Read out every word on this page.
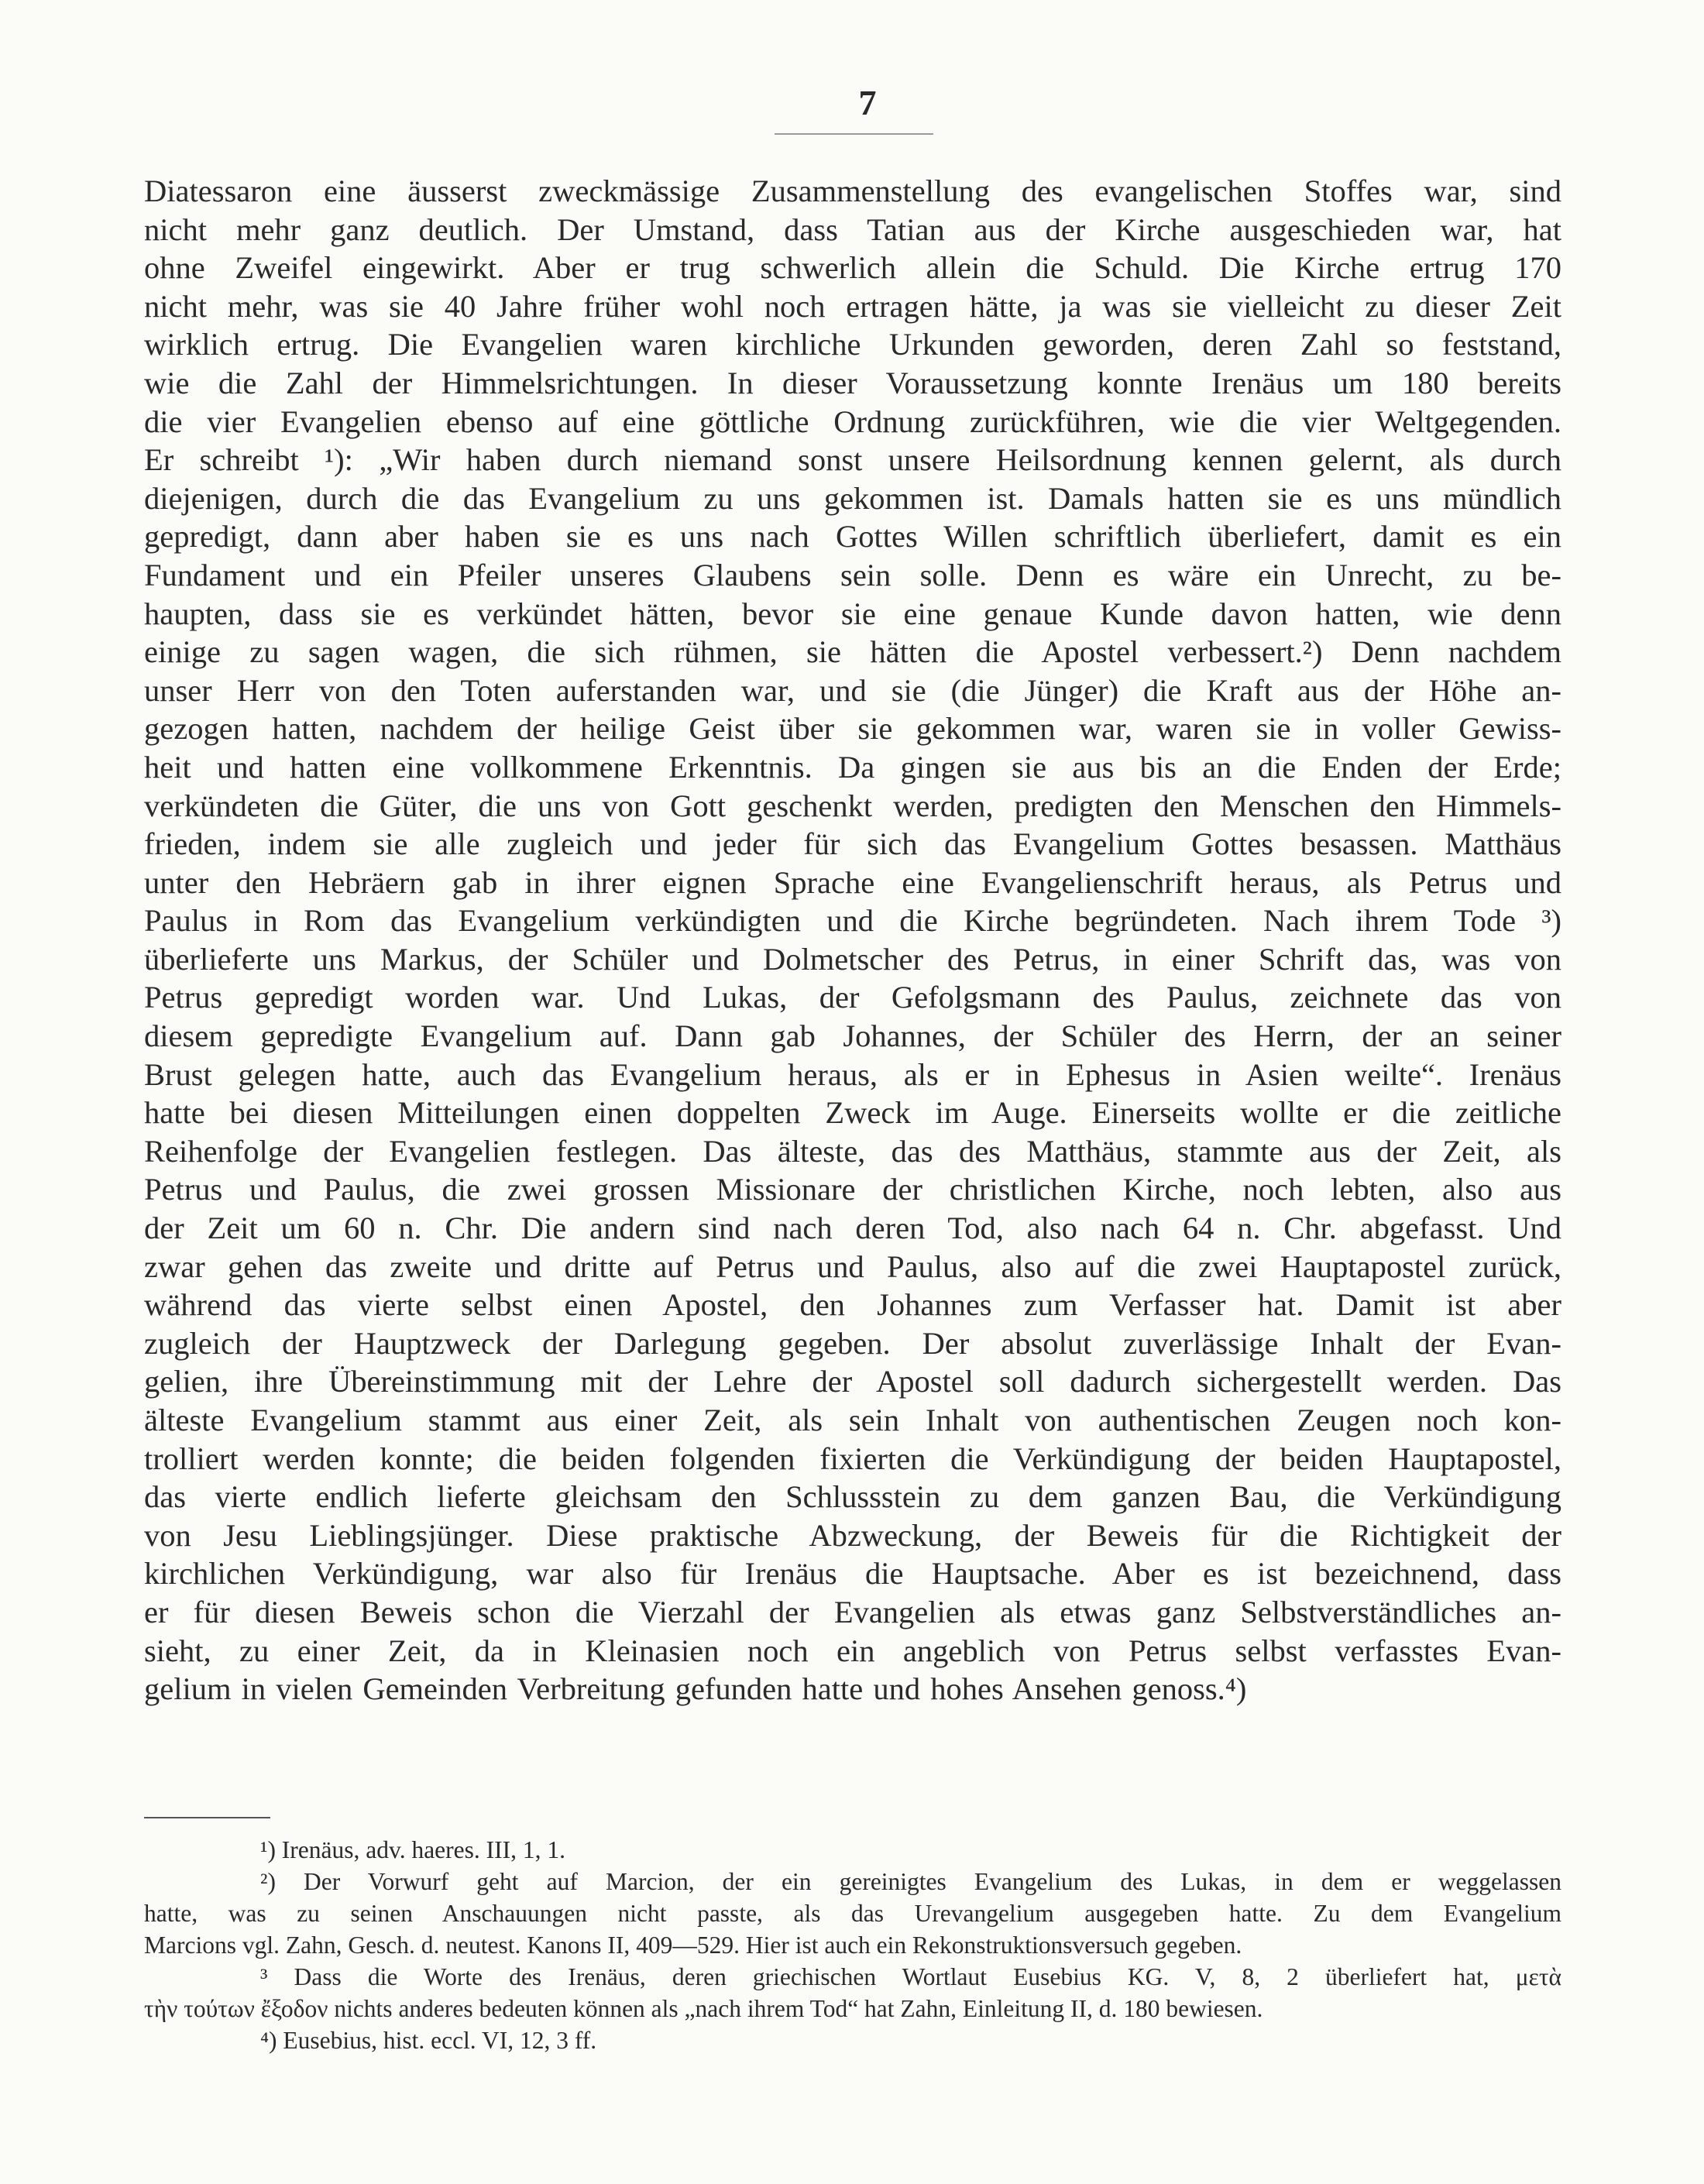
7
Diatessaron eine äusserst zweckmässige Zusammenstellung des evangelischen Stoffes war, sind
nicht mehr ganz deutlich. Der Umstand, dass Tatian aus der Kirche ausgeschieden war, hat
ohne Zweifel eingewirkt. Aber er trug schwerlich allein die Schuld. Die Kirche ertrug 170
nicht mehr, was sie 40 Jahre früher wohl noch ertragen hätte, ja was sie vielleicht zu dieser Zeit
wirklich ertrug. Die Evangelien waren kirchliche Urkunden geworden, deren Zahl so feststand,
wie die Zahl der Himmelsrichtungen. In dieser Voraussetzung konnte Irenäus um 180 bereits
die vier Evangelien ebenso auf eine göttliche Ordnung zurückführen, wie die vier Weltgegenden.
Er schreibt ¹): „Wir haben durch niemand sonst unsere Heilsordnung kennen gelernt, als durch
diejenigen, durch die das Evangelium zu uns gekommen ist. Damals hatten sie es uns mündlich
gepredigt, dann aber haben sie es uns nach Gottes Willen schriftlich überliefert, damit es ein
Fundament und ein Pfeiler unseres Glaubens sein solle. Denn es wäre ein Unrecht, zu be-
haupten, dass sie es verkündet hätten, bevor sie eine genaue Kunde davon hatten, wie denn
einige zu sagen wagen, die sich rühmen, sie hätten die Apostel verbessert.²) Denn nachdem
unser Herr von den Toten auferstanden war, und sie (die Jünger) die Kraft aus der Höhe an-
gezogen hatten, nachdem der heilige Geist über sie gekommen war, waren sie in voller Gewiss-
heit und hatten eine vollkommene Erkenntnis. Da gingen sie aus bis an die Enden der Erde;
verkündeten die Güter, die uns von Gott geschenkt werden, predigten den Menschen den Himmels-
frieden, indem sie alle zugleich und jeder für sich das Evangelium Gottes besassen. Matthäus
unter den Hebräern gab in ihrer eignen Sprache eine Evangelienschrift heraus, als Petrus und
Paulus in Rom das Evangelium verkündigten und die Kirche begründeten. Nach ihrem Tode ³)
überlieferte uns Markus, der Schüler und Dolmetscher des Petrus, in einer Schrift das, was von
Petrus gepredigt worden war. Und Lukas, der Gefolgsmann des Paulus, zeichnete das von
diesem gepredigte Evangelium auf. Dann gab Johannes, der Schüler des Herrn, der an seiner
Brust gelegen hatte, auch das Evangelium heraus, als er in Ephesus in Asien weilte“. Irenäus
hatte bei diesen Mitteilungen einen doppelten Zweck im Auge. Einerseits wollte er die zeitliche
Reihenfolge der Evangelien festlegen. Das älteste, das des Matthäus, stammte aus der Zeit, als
Petrus und Paulus, die zwei grossen Missionare der christlichen Kirche, noch lebten, also aus
der Zeit um 60 n. Chr. Die andern sind nach deren Tod, also nach 64 n. Chr. abgefasst. Und
zwar gehen das zweite und dritte auf Petrus und Paulus, also auf die zwei Hauptapostel zurück,
während das vierte selbst einen Apostel, den Johannes zum Verfasser hat. Damit ist aber
zugleich der Hauptzweck der Darlegung gegeben. Der absolut zuverlässige Inhalt der Evan-
gelien, ihre Übereinstimmung mit der Lehre der Apostel soll dadurch sichergestellt werden. Das
älteste Evangelium stammt aus einer Zeit, als sein Inhalt von authentischen Zeugen noch kon-
trolliert werden konnte; die beiden folgenden fixierten die Verkündigung der beiden Hauptapostel,
das vierte endlich lieferte gleichsam den Schlussstein zu dem ganzen Bau, die Verkündigung
von Jesu Lieblingsjünger. Diese praktische Abzweckung, der Beweis für die Richtigkeit der
kirchlichen Verkündigung, war also für Irenäus die Hauptsache. Aber es ist bezeichnend, dass
er für diesen Beweis schon die Vierzahl der Evangelien als etwas ganz Selbstverständliches an-
sieht, zu einer Zeit, da in Kleinasien noch ein angeblich von Petrus selbst verfasstes Evan-
gelium in vielen Gemeinden Verbreitung gefunden hatte und hohes Ansehen genoss.⁴)
¹) Irenäus, adv. haeres. III, 1, 1.
²) Der Vorwurf geht auf Marcion, der ein gereinigtes Evangelium des Lukas, in dem er weggelassen
hatte, was zu seinen Anschauungen nicht passte, als das Urevangelium ausgegeben hatte. Zu dem Evangelium
Marcions vgl. Zahn, Gesch. d. neutest. Kanons II, 409—529. Hier ist auch ein Rekonstruktionsversuch gegeben.
³ Dass die Worte des Irenäus, deren griechischen Wortlaut Eusebius KG. V, 8, 2 überliefert hat, μετὰ
τὴν τούτων ἔξοδον nichts anderes bedeuten können als „nach ihrem Tod“ hat Zahn, Einleitung II, d. 180 bewiesen.
⁴) Eusebius, hist. eccl. VI, 12, 3 ff.
